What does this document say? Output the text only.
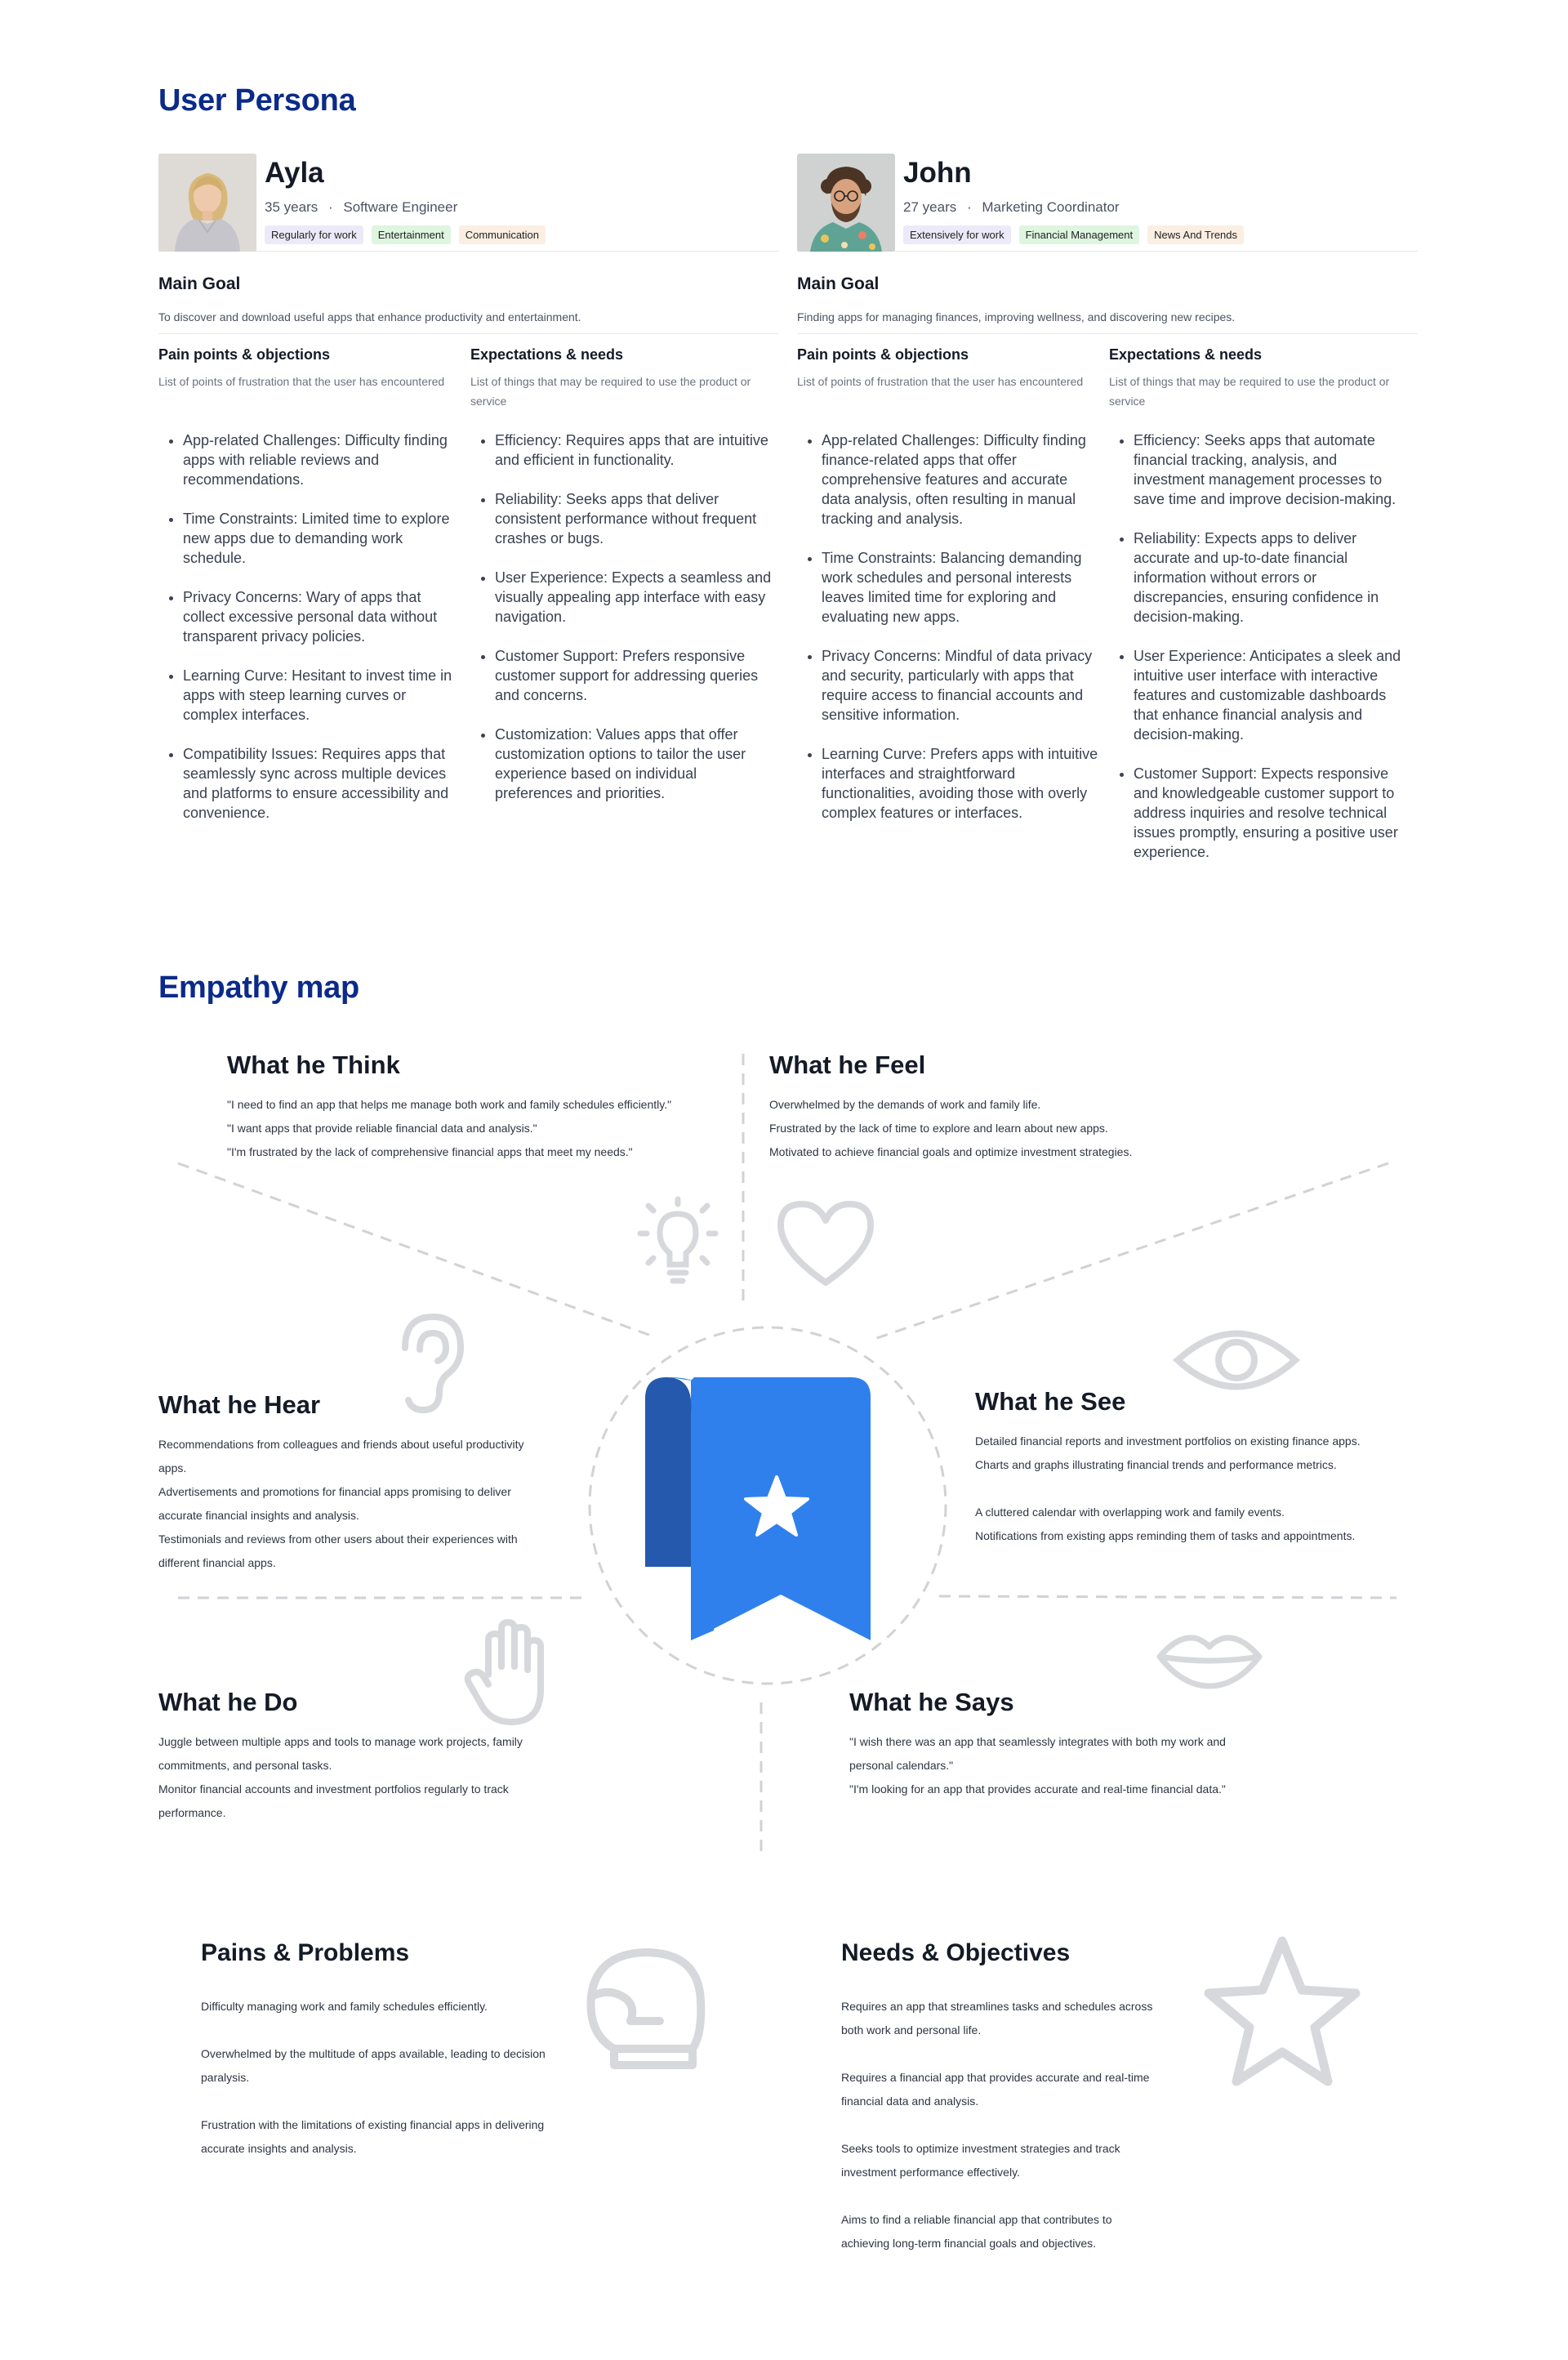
User Persona
Ayla
35 years · Software Engineer
Regularly for work	Entertainment	Communication
Main Goal
To discover and download useful apps that enhance productivity and entertainment.
Pain points & objections
List of points of frustration that the user has encountered
• App-related Challenges: Difficulty finding apps with reliable reviews and recommendations.
• Time Constraints: Limited time to explore new apps due to demanding work schedule.
• Privacy Concerns: Wary of apps that collect excessive personal data without transparent privacy policies.
• Learning Curve: Hesitant to invest time in apps with steep learning curves or complex interfaces.
• Compatibility Issues: Requires apps that seamlessly sync across multiple devices and platforms to ensure accessibility and convenience.
Expectations & needs
List of things that may be required to use the product or service
• Efficiency: Requires apps that are intuitive and efficient in functionality.
• Reliability: Seeks apps that deliver consistent performance without frequent crashes or bugs.
• User Experience: Expects a seamless and visually appealing app interface with easy navigation.
• Customer Support: Prefers responsive customer support for addressing queries and concerns.
• Customization: Values apps that offer customization options to tailor the user experience based on individual preferences and priorities.
John
27 years · Marketing Coordinator
Extensively for work	Financial Management	News And Trends
Main Goal
Finding apps for managing finances, improving wellness, and discovering new recipes.
Pain points & objections
List of points of frustration that the user has encountered
• App-related Challenges: Difficulty finding finance-related apps that offer comprehensive features and accurate data analysis, often resulting in manual tracking and analysis.
• Time Constraints: Balancing demanding work schedules and personal interests leaves limited time for exploring and evaluating new apps.
• Privacy Concerns: Mindful of data privacy and security, particularly with apps that require access to financial accounts and sensitive information.
• Learning Curve: Prefers apps with intuitive interfaces and straightforward functionalities, avoiding those with overly complex features or interfaces.
Expectations & needs
List of things that may be required to use the product or service
• Efficiency: Seeks apps that automate financial tracking, analysis, and investment management processes to save time and improve decision-making.
• Reliability: Expects apps to deliver accurate and up-to-date financial information without errors or discrepancies, ensuring confidence in decision-making.
• User Experience: Anticipates a sleek and intuitive user interface with interactive features and customizable dashboards that enhance financial analysis and decision-making.
• Customer Support: Expects responsive and knowledgeable customer support to address inquiries and resolve technical issues promptly, ensuring a positive user experience.
Empathy map
What he Think

"I need to find an app that helps me manage both work and family schedules efficiently."

"I want apps that provide reliable financial data and analysis."

"I'm frustrated by the lack of comprehensive financial apps that meet my needs."

What he Feel

Overwhelmed by the demands of work and family life.

Frustrated by the lack of time to explore and learn about new apps.

Motivated to achieve financial goals and optimize investment strategies.

What he Hear

Recommendations from colleagues and friends about useful productivity

apps.

Advertisements and promotions for financial apps promising to deliver

accurate financial insights and analysis.

Testimonials and reviews from other users about their experiences with

different financial apps.

What he See

Detailed financial reports and investment portfolios on existing finance apps.

Charts and graphs illustrating financial trends and performance metrics.

A cluttered calendar with overlapping work and family events.

Notifications from existing apps reminding them of tasks and appointments.

What he Do

Juggle between multiple apps and tools to manage work projects, family

commitments, and personal tasks.

Monitor financial accounts and investment portfolios regularly to track

performance.

What he Says

"I wish there was an app that seamlessly integrates with both my work and

personal calendars."

"I'm looking for an app that provides accurate and real-time financial data."

Pains & Problems

Difficulty managing work and family schedules efficiently.

Overwhelmed by the multitude of apps available, leading to decision
paralysis.

Frustration with the limitations of existing financial apps in delivering
accurate insights and analysis.

Needs & Objectives

Requires an app that streamlines tasks and schedules across
both work and personal life.

Requires a financial app that provides accurate and real-time
financial data and analysis.

Seeks tools to optimize investment strategies and track
investment performance effectively.

Aims to find a reliable financial app that contributes to
achieving long-term financial goals and objectives.
